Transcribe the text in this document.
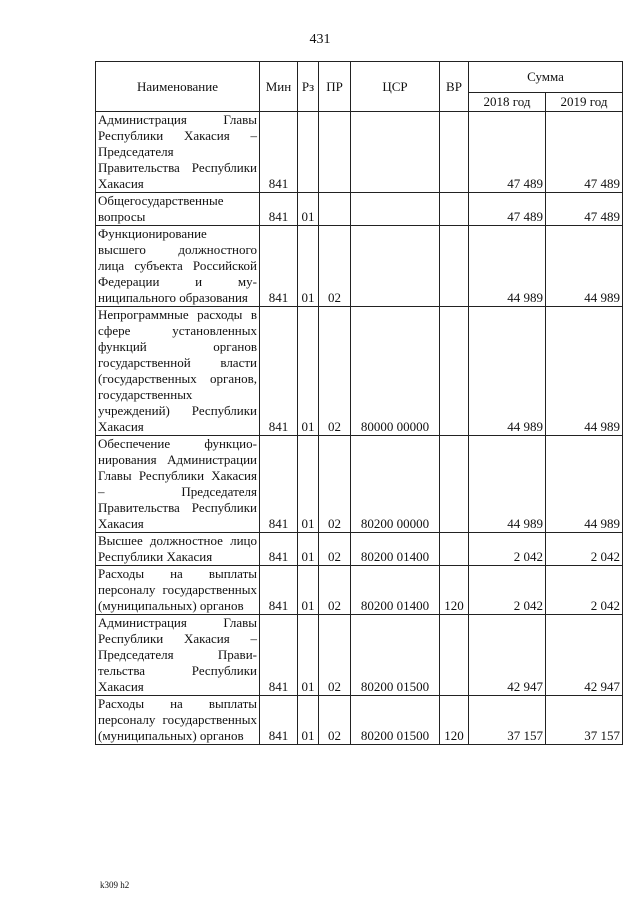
431
Наименование	Мин	Рз	ПР	ЦСР	ВР	Сумма	
						2018 год	2019 год
Администрация Главы Республики Хакасия – Председателя Правительства Республики Хакасия	841					47 489	47 489
Общегосударственные вопросы	841	01				47 489	47 489
Функционирование высшего должностного лица субъекта Российской Федерации и муниципального образования	841	01	02			44 989	44 989
Непрограммные расходы в сфере установленных функций органов государственной власти (государственных органов, государственных учреждений) Республики Хакасия	841	01	02	80000 00000		44 989	44 989
Обеспечение функционирования Администрации Главы Республики Хакасия – Председателя Правительства Республики Хакасия	841	01	02	80200 00000		44 989	44 989
Высшее должностное лицо Республики Хакасия	841	01	02	80200 01400		2 042	2 042
Расходы на выплаты персоналу государственных (муниципальных) органов	841	01	02	80200 01400	120	2 042	2 042
Администрация Главы Республики Хакасия – Председателя Правительства Республики Хакасия	841	01	02	80200 01500		42 947	42 947
Расходы на выплаты персоналу государственных (муниципальных) органов	841	01	02	80200 01500	120	37 157	37 157
k309 h2
